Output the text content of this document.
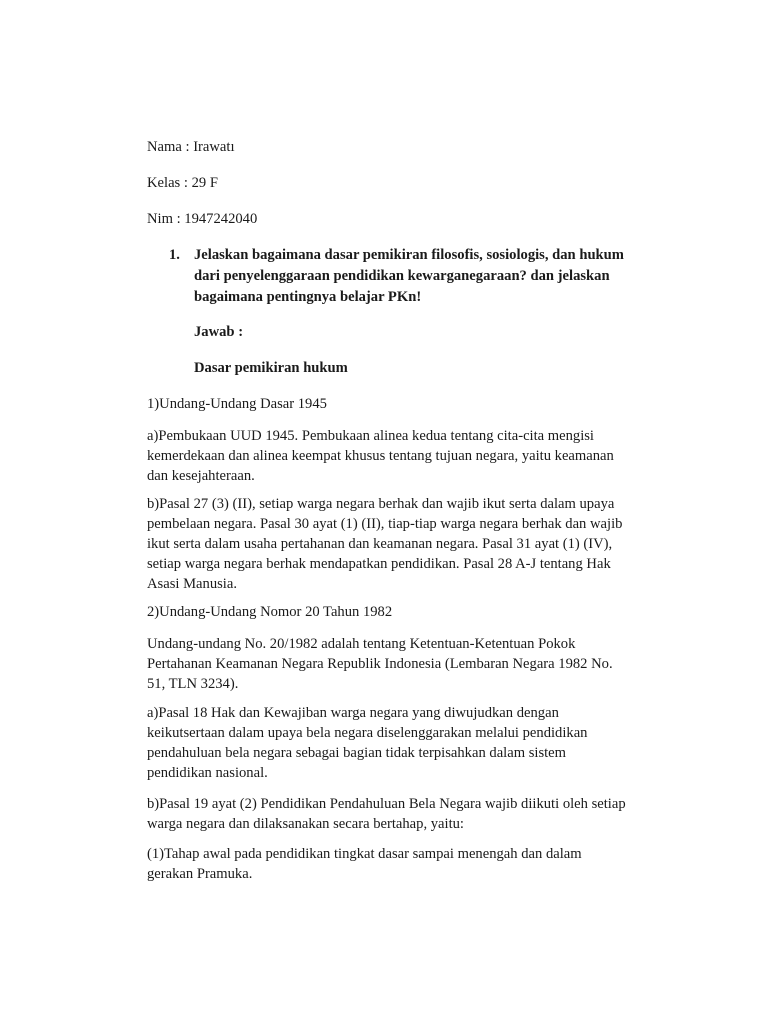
Nama : Irawatı
Kelas : 29 F
Nim : 1947242040
1. Jelaskan bagaimana dasar pemikiran filosofis, sosiologis, dan hukum
dari penyelenggaraan pendidikan kewarganegaraan? dan jelaskan
bagaimana pentingnya belajar PKn!
Jawab :
Dasar pemikiran hukum
1)Undang-Undang Dasar 1945
a)Pembukaan UUD 1945. Pembukaan alinea kedua tentang cita-cita mengisi
kemerdekaan dan alinea keempat khusus tentang tujuan negara, yaitu keamanan
dan kesejahteraan.
b)Pasal 27 (3) (II), setiap warga negara berhak dan wajib ikut serta dalam upaya
pembelaan negara. Pasal 30 ayat (1) (II), tiap-tiap warga negara berhak dan wajib
ikut serta dalam usaha pertahanan dan keamanan negara. Pasal 31 ayat (1) (IV),
setiap warga negara berhak mendapatkan pendidikan. Pasal 28 A-J tentang Hak
Asasi Manusia.
2)Undang-Undang Nomor 20 Tahun 1982
Undang-undang No. 20/1982 adalah tentang Ketentuan-Ketentuan Pokok
Pertahanan Keamanan Negara Republik Indonesia (Lembaran Negara 1982 No.
51, TLN 3234).
a)Pasal 18 Hak dan Kewajiban warga negara yang diwujudkan dengan
keikutsertaan dalam upaya bela negara diselenggarakan melalui pendidikan
pendahuluan bela negara sebagai bagian tidak terpisahkan dalam sistem
pendidikan nasional.
b)Pasal 19 ayat (2) Pendidikan Pendahuluan Bela Negara wajib diikuti oleh setiap
warga negara dan dilaksanakan secara bertahap, yaitu:
(1)Tahap awal pada pendidikan tingkat dasar sampai menengah dan dalam
gerakan Pramuka.
